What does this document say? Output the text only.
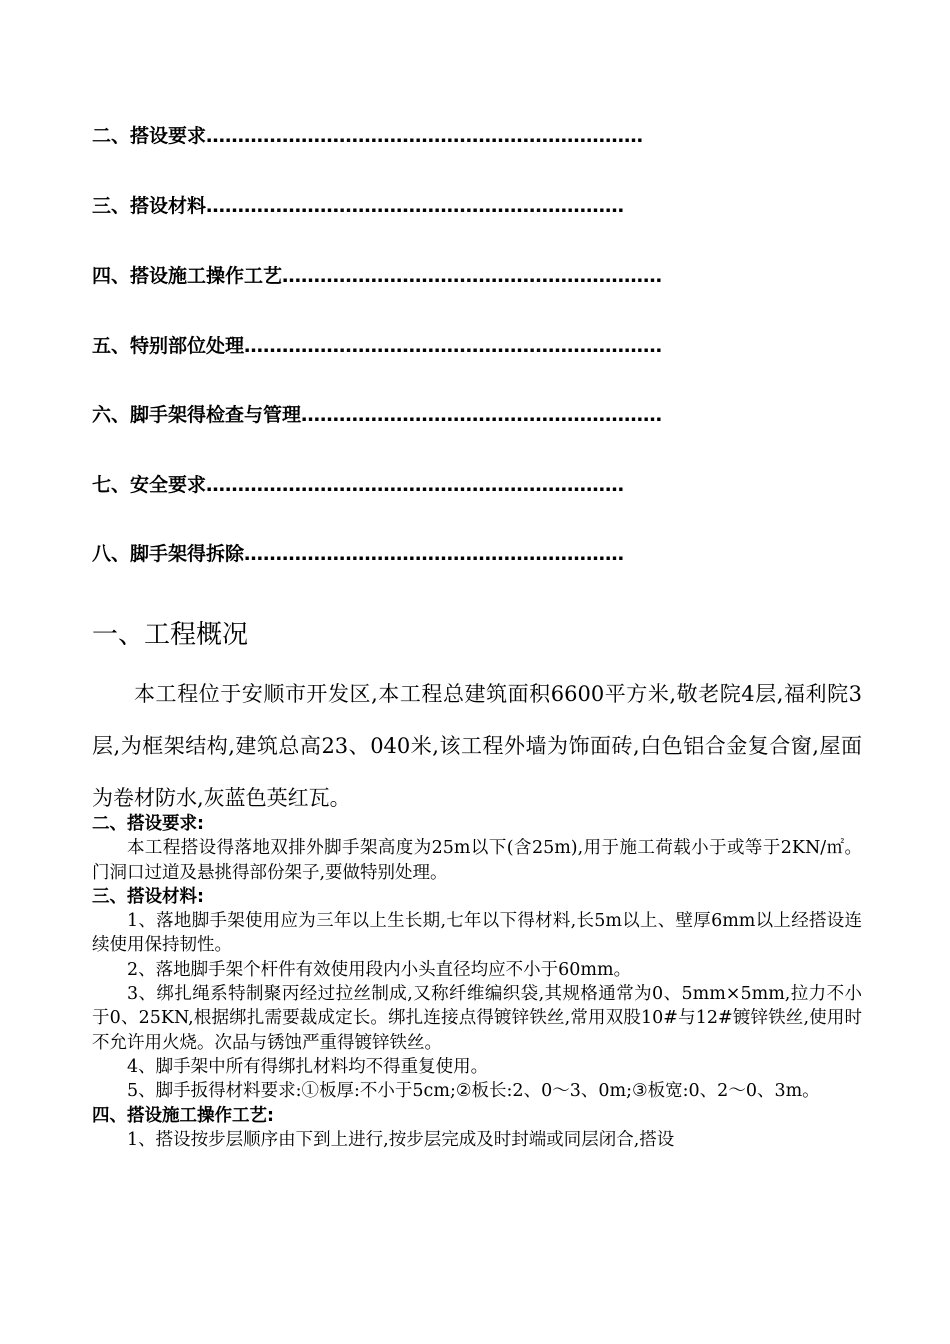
二、搭设要求……………………………………………………………
三、搭设材料…………………………………………………………
四、搭设施工操作工艺……………………………………………………
五、特别部位处理…………………………………………………………
六、脚手架得检查与管理…………………………………………………
七、安全要求…………………………………………………………
八、脚手架得拆除……………………………………………………
一、工程概况

本工程位于安顺市开发区,本工程总建筑面积6600平方米,敬老院4层,福利院3层,为框架结构,建筑总高23、040米,该工程外墙为饰面砖,白色铝合金复合窗,屋面为卷材防水,灰蓝色英红瓦。

二、搭设要求:

本工程搭设得落地双排外脚手架高度为25m以下(含25m),用于施工荷载小于或等于2KN/㎡。门洞口过道及悬挑得部份架子,要做特别处理。

三、搭设材料:

1、落地脚手架使用应为三年以上生长期,七年以下得材料,长5m以上、壁厚6mm以上经搭设连续使用保持韧性。

2、落地脚手架个杆件有效使用段内小头直径均应不小于60mm。

3、绑扎绳系特制聚丙经过拉丝制成,又称纤维编织袋,其规格通常为0、5mm×5mm,拉力不小于0、25KN,根据绑扎需要裁成定长。绑扎连接点得镀锌铁丝,常用双股10#与12#镀锌铁丝,使用时不允许用火烧。次品与锈蚀严重得镀锌铁丝。

4、脚手架中所有得绑扎材料均不得重复使用。

5、脚手扳得材料要求:①板厚:不小于5cm;②板长:2、0～3、0m;③板宽:0、2～0、3m。

四、搭设施工操作工艺:

1、搭设按步层顺序由下到上进行,按步层完成及时封端或同层闭合,搭设
